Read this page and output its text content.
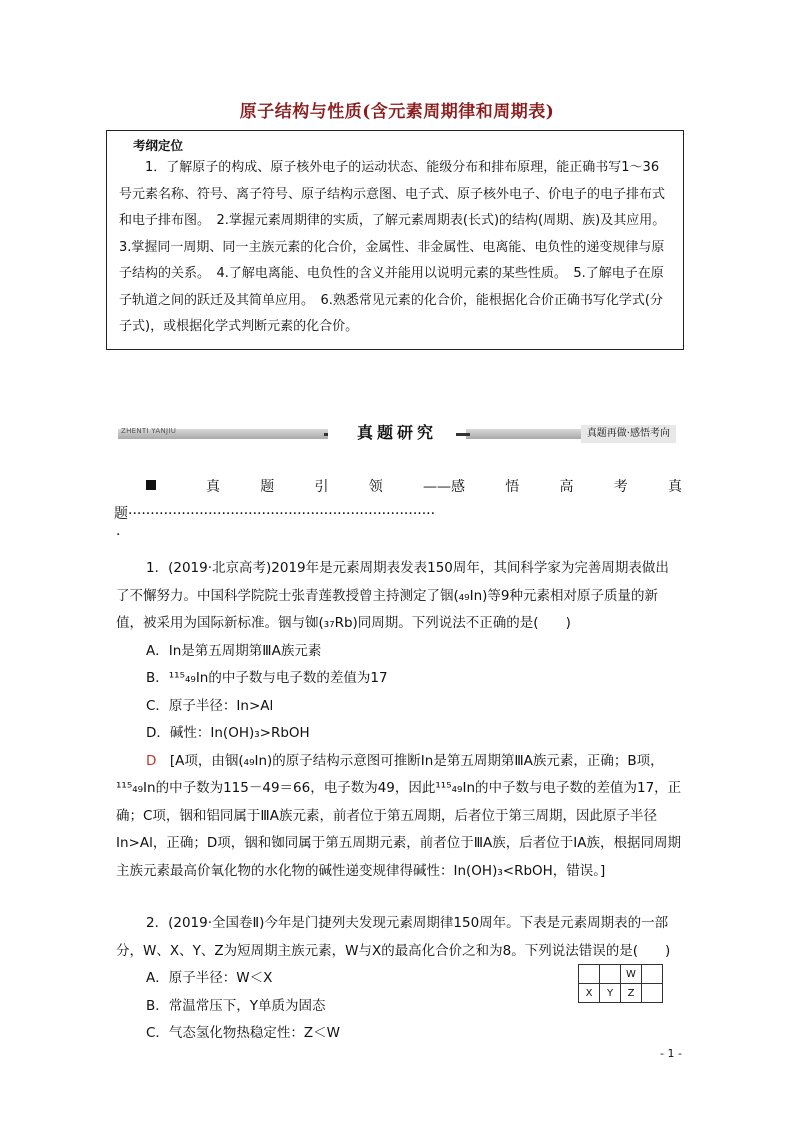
原子结构与性质(含元素周期律和周期表)
考纲定位

1．了解原子的构成、原子核外电子的运动状态、能级分布和排布原理，能正确书写1～36号元素名称、符号、离子符号、原子结构示意图、电子式、原子核外电子、价电子的电子排布式和电子排布图。　2.掌握元素周期律的实质，了解元素周期表(长式)的结构(周期、族)及其应用。　3.掌握同一周期、同一主族元素的化合价，金属性、非金属性、电离能、电负性的递变规律与原子结构的关系。　4.了解电离能、电负性的含义并能用以说明元素的某些性质。　5.了解电子在原子轨道之间的跃迁及其简单应用。　6.熟悉常见元素的化合价，能根据化合价正确书写化学式(分子式)，或根据化学式判断元素的化合价。

ZHENTI YANJIU	真题研究	真题再做·感悟考向
真	题	引	领	——感	悟	高	考	真
题·····································································
·

1．(2019·北京高考)2019年是元素周期表发表150周年，其间科学家为完善周期表做出了不懈努力。中国科学院院士张青莲教授曾主持测定了铟(₄₉In)等9种元素相对原子质量的新值，被采用为国际新标准。铟与铷(₃₇Rb)同周期。下列说法不正确的是(　　)

A．In是第五周期第ⅢA族元素

B．¹¹⁵₄₉In的中子数与电子数的差值为17

C．原子半径：In>Al

D．碱性：In(OH)₃>RbOH

D　 [A项，由铟(₄₉In)的原子结构示意图可推断In是第五周期第ⅢA族元素，正确；B项，¹¹⁵₄₉In的中子数为115－49＝66，电子数为49，因此¹¹⁵₄₉In的中子数与电子数的差值为17，正确；C项，铟和铝同属于ⅢA族元素，前者位于第五周期，后者位于第三周期，因此原子半径In>Al，正确；D项，铟和铷同属于第五周期元素，前者位于ⅢA族，后者位于ⅠA族，根据同周期主族元素最高价氧化物的水化物的碱性递变规律得碱性：In(OH)₃<RbOH，错误。]

2．(2019·全国卷Ⅱ)今年是门捷列夫发现元素周期律150周年。下表是元素周期表的一部分，W、X、Y、Z为短周期主族元素，W与X的最高化合价之和为8。下列说法错误的是(　　)

A．原子半径：W＜X

B．常温常压下，Y单质为固态

C．气态氢化物热稳定性：Z＜W

		W	
X	Y	Z	
- 1 -
